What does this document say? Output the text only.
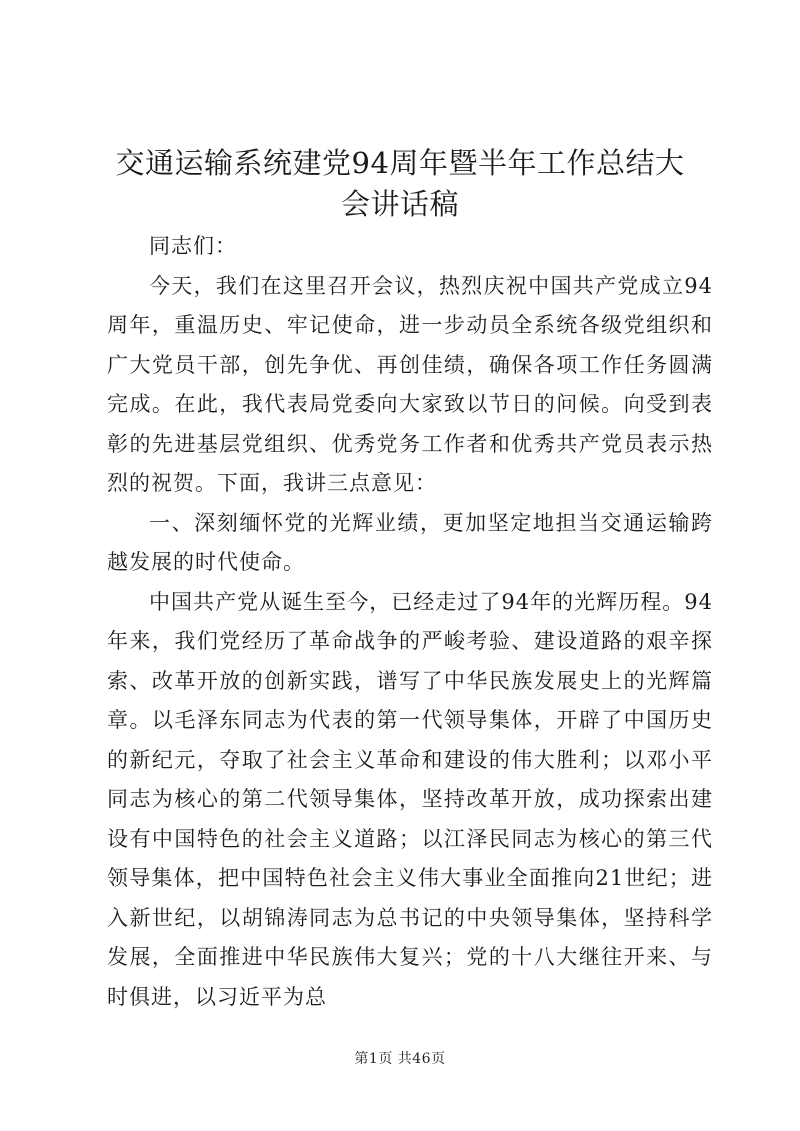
交通运输系统建党94周年暨半年工作总结大
会讲话稿

同志们：

今天，我们在这里召开会议，热烈庆祝中国共产党成立94周年，重温历史、牢记使命，进一步动员全系统各级党组织和广大党员干部，创先争优、再创佳绩，确保各项工作任务圆满完成。在此，我代表局党委向大家致以节日的问候。向受到表彰的先进基层党组织、优秀党务工作者和优秀共产党员表示热烈的祝贺。下面，我讲三点意见：

一、深刻缅怀党的光辉业绩，更加坚定地担当交通运输跨越发展的时代使命。

中国共产党从诞生至今，已经走过了94年的光辉历程。94年来，我们党经历了革命战争的严峻考验、建设道路的艰辛探索、改革开放的创新实践，谱写了中华民族发展史上的光辉篇章。以毛泽东同志为代表的第一代领导集体，开辟了中国历史的新纪元，夺取了社会主义革命和建设的伟大胜利；以邓小平同志为核心的第二代领导集体，坚持改革开放，成功探索出建设有中国特色的社会主义道路；以江泽民同志为核心的第三代领导集体，把中国特色社会主义伟大事业全面推向21世纪；进入新世纪，以胡锦涛同志为总书记的中央领导集体，坚持科学发展，全面推进中华民族伟大复兴；党的十八大继往开来、与时俱进，以习近平为总

第1页 共46页
